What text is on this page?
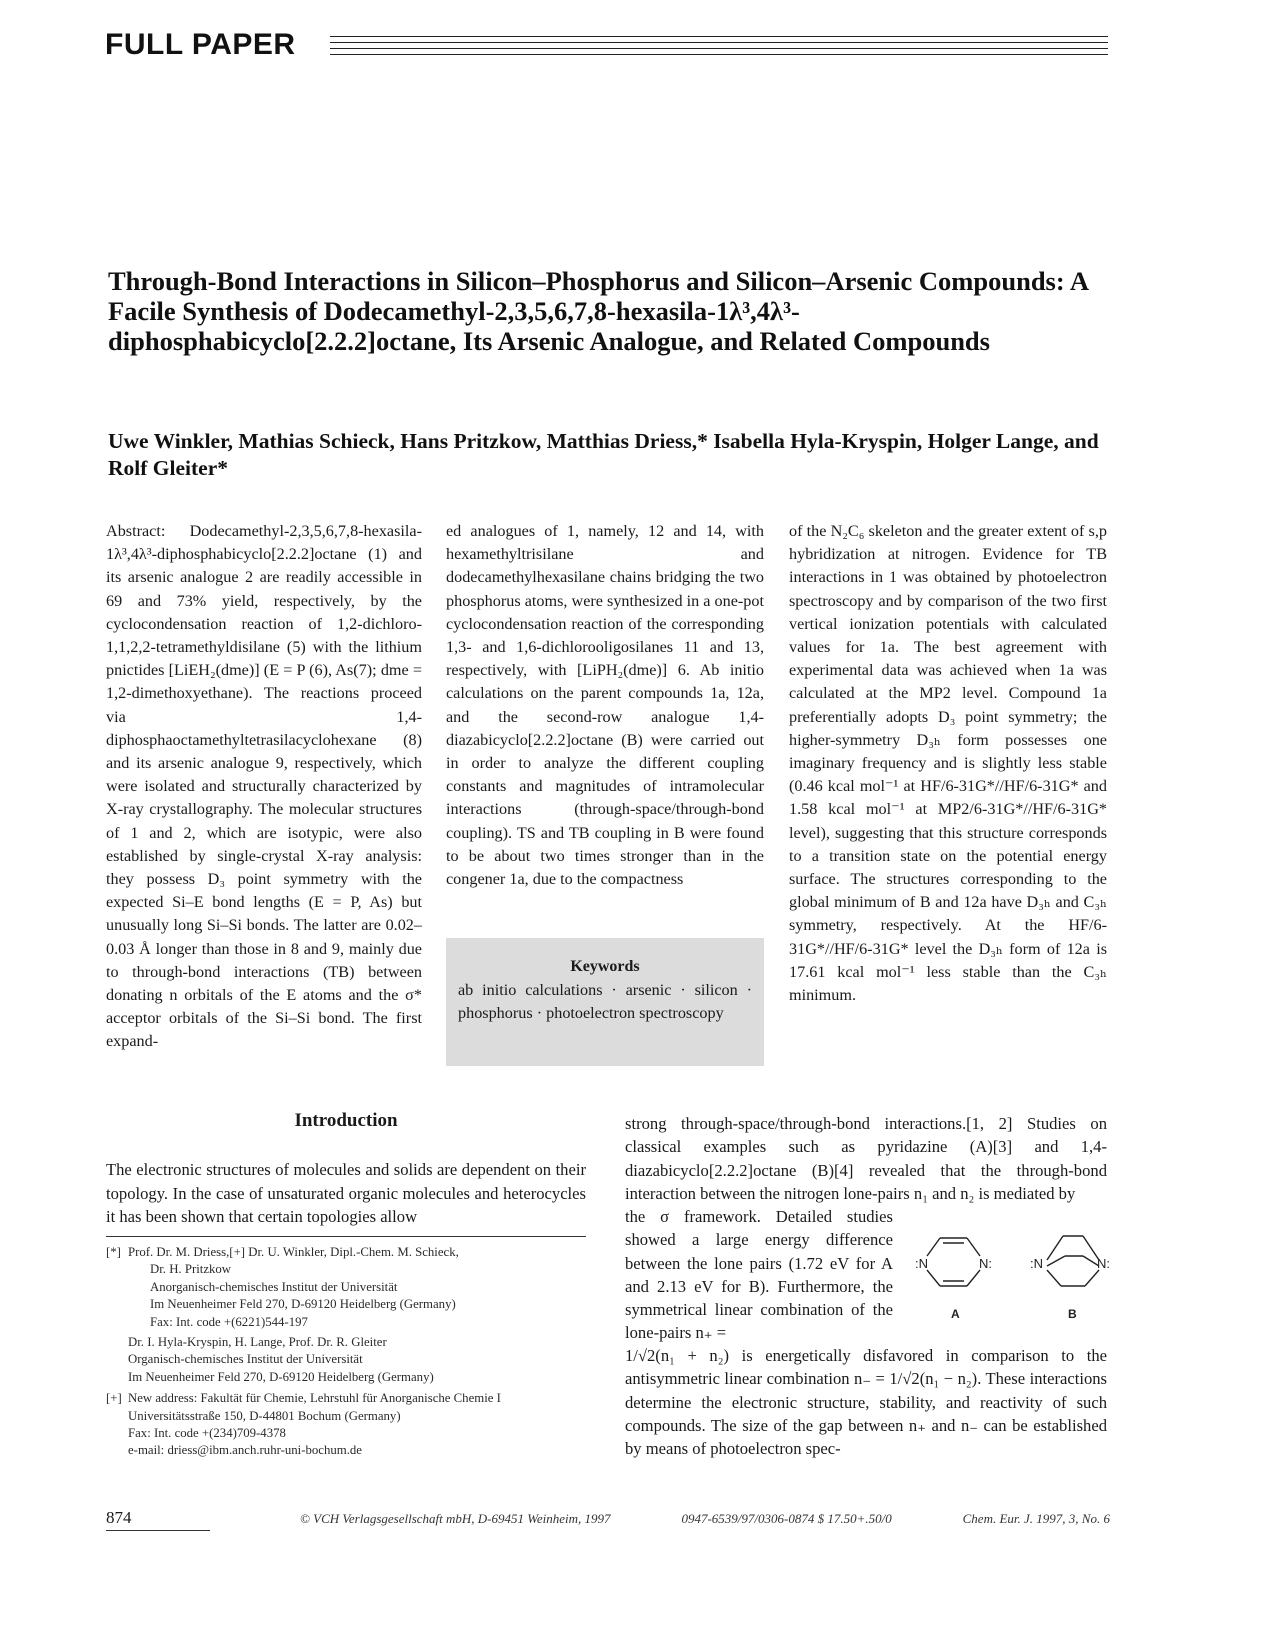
FULL PAPER
Through-Bond Interactions in Silicon–Phosphorus and Silicon–Arsenic Compounds: A Facile Synthesis of Dodecamethyl-2,3,5,6,7,8-hexasila-1λ³,4λ³-diphosphabicyclo[2.2.2]octane, Its Arsenic Analogue, and Related Compounds
Uwe Winkler, Mathias Schieck, Hans Pritzkow, Matthias Driess,* Isabella Hyla-Kryspin, Holger Lange, and Rolf Gleiter*

Abstract: Dodecamethyl-2,3,5,6,7,8-hexasila-1λ³,4λ³-diphosphabicyclo[2.2.2]octane (1) and its arsenic analogue 2 are readily accessible in 69 and 73% yield, respectively, by the cyclocondensation reaction of 1,2-dichloro-1,1,2,2-tetramethyldisilane (5) with the lithium pnictides [LiEH₂(dme)] (E = P (6), As(7); dme = 1,2-dimethoxyethane). The reactions proceed via 1,4-diphosphaoctamethyltetrasilacyclohexane (8) and its arsenic analogue 9, respectively, which were isolated and structurally characterized by X-ray crystallography. The molecular structures of 1 and 2, which are isotypic, were also established by single-crystal X-ray analysis: they possess D₃ point symmetry with the expected Si–E bond lengths (E = P, As) but unusually long Si–Si bonds. The latter are 0.02–0.03 Å longer than those in 8 and 9, mainly due to through-bond interactions (TB) between donating n orbitals of the E atoms and the σ* acceptor orbitals of the Si–Si bond. The first expand-

ed analogues of 1, namely, 12 and 14, with hexamethyltrisilane and dodecamethylhexasilane chains bridging the two phosphorus atoms, were synthesized in a one-pot cyclocondensation reaction of the corresponding 1,3- and 1,6-dichlorooligosilanes 11 and 13, respectively, with [LiPH₂(dme)] 6. Ab initio calculations on the parent compounds 1a, 12a, and the second-row analogue 1,4-diazabicyclo[2.2.2]octane (B) were carried out in order to analyze the different coupling constants and magnitudes of intramolecular interactions (through-space/through-bond coupling). TS and TB coupling in B were found to be about two times stronger than in the congener 1a, due to the compactness

of the N₂C₆ skeleton and the greater extent of s,p hybridization at nitrogen. Evidence for TB interactions in 1 was obtained by photoelectron spectroscopy and by comparison of the two first vertical ionization potentials with calculated values for 1a. The best agreement with experimental data was achieved when 1a was calculated at the MP2 level. Compound 1a preferentially adopts D₃ point symmetry; the higher-symmetry D₃ₕ form possesses one imaginary frequency and is slightly less stable (0.46 kcal mol⁻¹ at HF/6-31G*//HF/6-31G* and 1.58 kcal mol⁻¹ at MP2/6-31G*//HF/6-31G* level), suggesting that this structure corresponds to a transition state on the potential energy surface. The structures corresponding to the global minimum of B and 12a have D₃ₕ and C₃ₕ symmetry, respectively. At the HF/6-31G*//HF/6-31G* level the D₃ₕ form of 12a is 17.61 kcal mol⁻¹ less stable than the C₃ₕ minimum.

Keywords
ab initio calculations · arsenic · silicon · phosphorus · photoelectron spectroscopy
Introduction
The electronic structures of molecules and solids are dependent on their topology. In the case of unsaturated organic molecules and heterocycles it has been shown that certain topologies allow
[*] Prof. Dr. M. Driess,[+] Dr. U. Winkler, Dipl.-Chem. M. Schieck,
Dr. H. Pritzkow
Anorganisch-chemisches Institut der Universität
Im Neuenheimer Feld 270, D-69120 Heidelberg (Germany)
Fax: Int. code +(6221)544-197
Dr. I. Hyla-Kryspin, H. Lange, Prof. Dr. R. Gleiter
Organisch-chemisches Institut der Universität
Im Neuenheimer Feld 270, D-69120 Heidelberg (Germany)
[+] New address: Fakultät für Chemie, Lehrstuhl für Anorganische Chemie I
Universitätsstraße 150, D-44801 Bochum (Germany)
Fax: Int. code +(234)709-4378
e-mail: driess@ibm.anch.ruhr-uni-bochum.de
strong through-space/through-bond interactions.[1, 2] Studies on classical examples such as pyridazine (A)[3] and 1,4-diazabicyclo[2.2.2]octane (B)[4] revealed that the through-bond interaction between the nitrogen lone-pairs n₁ and n₂ is mediated by
the σ framework. Detailed studies showed a large energy difference between the lone pairs (1.72 eV for A and 2.13 eV for B). Furthermore, the symmetrical linear combination of the lone-pairs n₊ =
1/√2(n₁ + n₂) is energetically disfavored in comparison to the antisymmetric linear combination n₋ = 1/√2(n₁ − n₂). These interactions determine the electronic structure, stability, and reactivity of such compounds. The size of the gap between n₊ and n₋ can be established by means of photoelectron spec-
:N	N:
A
:N	N:
B
874	© VCH Verlagsgesellschaft mbH, D-69451 Weinheim, 1997	0947-6539/97/0306-0874 $ 17.50+.50/0	Chem. Eur. J. 1997, 3, No. 6
